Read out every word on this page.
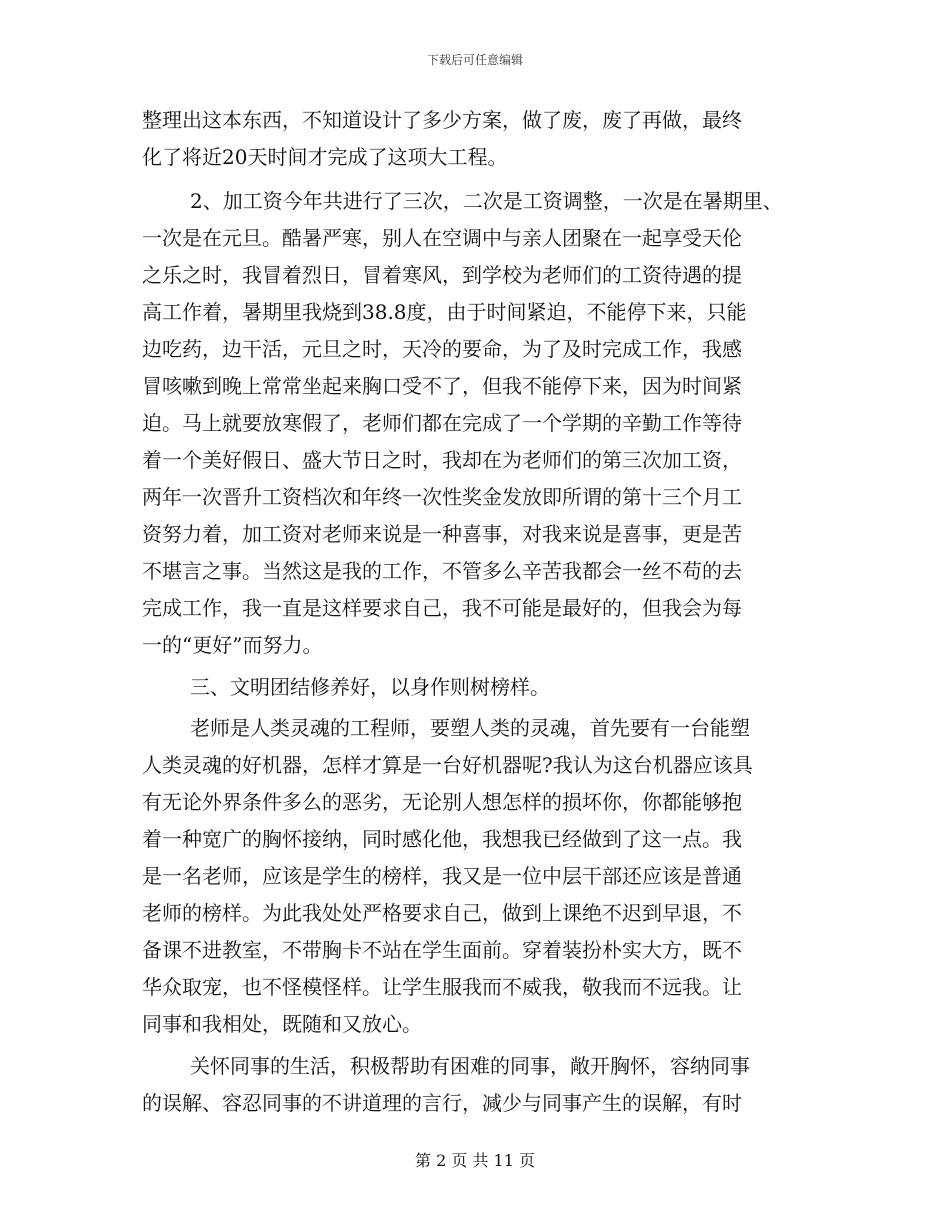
下载后可任意编辑
整理出这本东西，不知道设计了多少方案，做了废，废了再做，最终
化了将近20天时间才完成了这项大工程。
2、加工资今年共进行了三次，二次是工资调整，一次是在暑期里、
一次是在元旦。酷暑严寒，别人在空调中与亲人团聚在一起享受天伦
之乐之时，我冒着烈日，冒着寒风，到学校为老师们的工资待遇的提
高工作着，暑期里我烧到38.8度，由于时间紧迫，不能停下来，只能
边吃药，边干活，元旦之时，天冷的要命，为了及时完成工作，我感
冒咳嗽到晚上常常坐起来胸口受不了，但我不能停下来，因为时间紧
迫。马上就要放寒假了，老师们都在完成了一个学期的辛勤工作等待
着一个美好假日、盛大节日之时，我却在为老师们的第三次加工资，
两年一次晋升工资档次和年终一次性奖金发放即所谓的第十三个月工
资努力着，加工资对老师来说是一种喜事，对我来说是喜事，更是苦
不堪言之事。当然这是我的工作，不管多么辛苦我都会一丝不苟的去
完成工作，我一直是这样要求自己，我不可能是最好的，但我会为每
一的“更好”而努力。
三、文明团结修养好，以身作则树榜样。
老师是人类灵魂的工程师，要塑人类的灵魂，首先要有一台能塑
人类灵魂的好机器，怎样才算是一台好机器呢?我认为这台机器应该具
有无论外界条件多么的恶劣，无论别人想怎样的损坏你，你都能够抱
着一种宽广的胸怀接纳，同时感化他，我想我已经做到了这一点。我
是一名老师，应该是学生的榜样，我又是一位中层干部还应该是普通
老师的榜样。为此我处处严格要求自己，做到上课绝不迟到早退，不
备课不进教室，不带胸卡不站在学生面前。穿着装扮朴实大方，既不
华众取宠，也不怪模怪样。让学生服我而不威我，敬我而不远我。让
同事和我相处，既随和又放心。
关怀同事的生活，积极帮助有困难的同事，敞开胸怀，容纳同事
的误解、容忍同事的不讲道理的言行，减少与同事产生的误解，有时
第 2 页 共 11 页
